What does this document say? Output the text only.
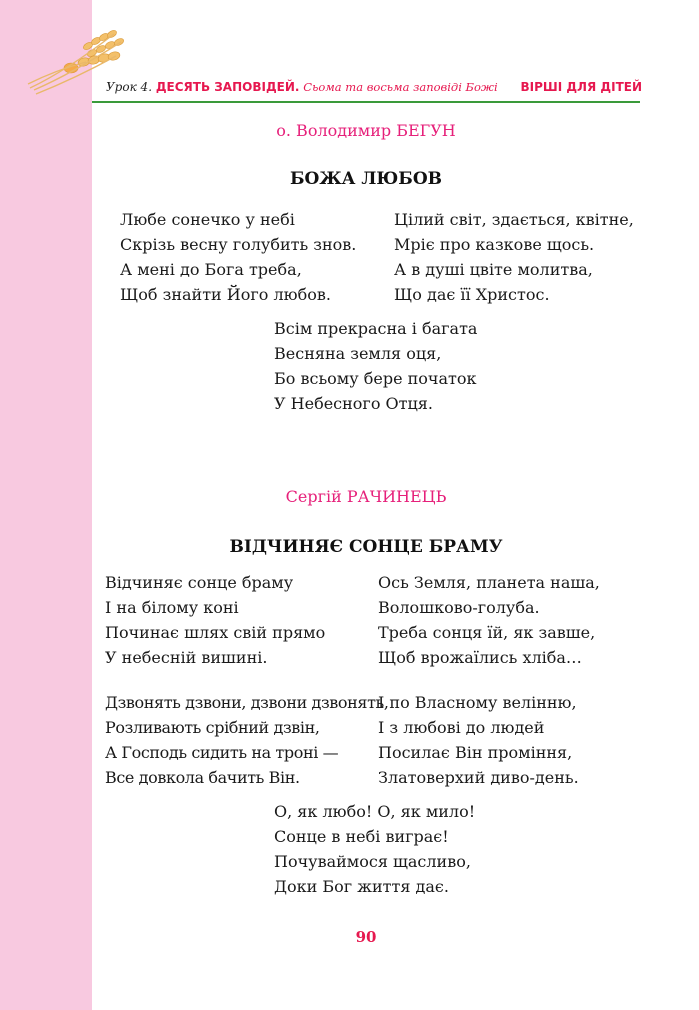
Урок 4. ДЕСЯТЬ ЗАПОВІДЕЙ. Сьома та восьма заповіді Божі ВІРШІ ДЛЯ ДІТЕЙ
о. Володимир БЕГУН
БОЖА ЛЮБОВ
Любе сонечко у небі
Скрізь весну голубить знов.
А мені до Бога треба,
Щоб знайти Його любов.
Цілий світ, здається, квітне,
Мріє про казкове щось.
А в душі цвіте молитва,
Що дає її Христос.
Всім прекрасна і багата
Весняна земля оця,
Бо всьому бере початок
У Небесного Отця.
Сергій РАЧИНЕЦЬ
ВІДЧИНЯЄ СОНЦЕ БРАМУ
Відчиняє сонце браму
І на білому коні
Починає шлях свій прямо
У небесній вишині.
Ось Земля, планета наша,
Волошково-голуба.
Треба сонця їй, як завше,
Щоб врожаїлись хліба…
Дзвонять дзвони, дзвони дзвонять,
Розливають срібний дзвін,
А Господь сидить на троні —
Все довкола бачить Він.
І по Власному велінню,
І з любові до людей
Посилає Він проміння,
Златоверхий диво-день.
О, як любо! О, як мило!
Сонце в небі виграє!
Почуваймося щасливо,
Доки Бог життя дає.
90
